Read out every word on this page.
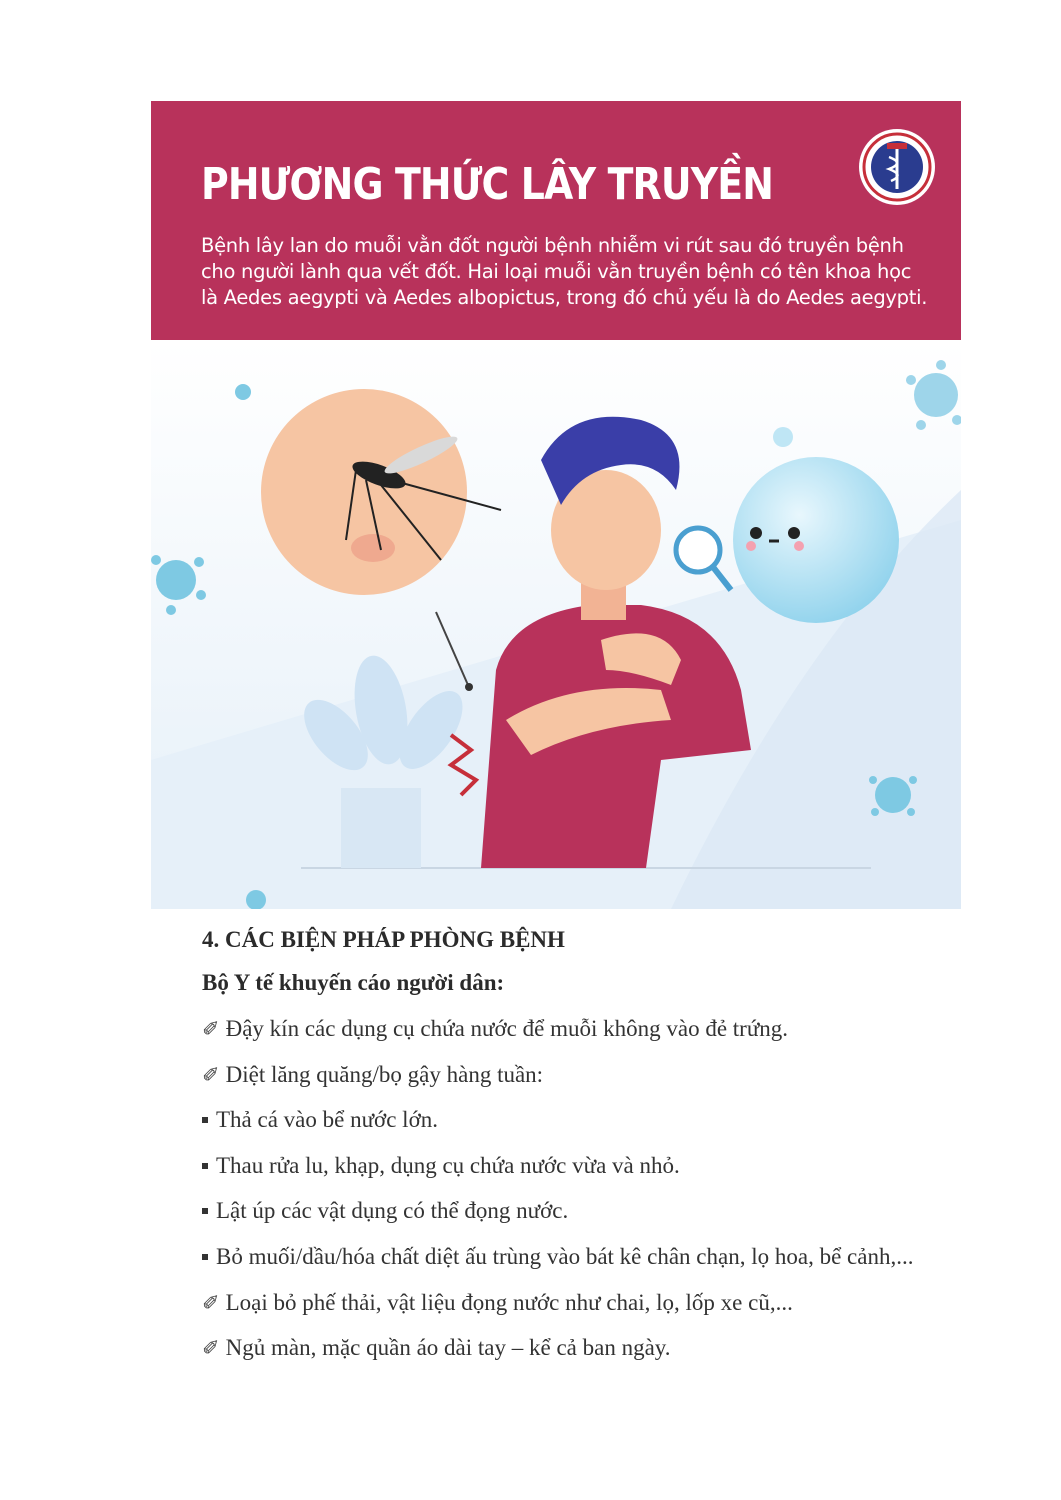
PHƯƠNG THỨC LÂY TRUYỀN

Bệnh lây lan do muỗi vằn đốt người bệnh nhiễm vi rút sau đó truyền bệnh cho người lành qua vết đốt. Hai loại muỗi vằn truyền bệnh có tên khoa học là Aedes aegypti và Aedes albopictus, trong đó chủ yếu là do Aedes aegypti.

4. CÁC BIỆN PHÁP PHÒNG BỆNH

Bộ Y tế khuyến cáo người dân:

✐ Đậy kín các dụng cụ chứa nước để muỗi không vào đẻ trứng.

✐ Diệt lăng quăng/bọ gậy hàng tuần:

Thả cá vào bể nước lớn.

Thau rửa lu, khạp, dụng cụ chứa nước vừa và nhỏ.

Lật úp các vật dụng có thể đọng nước.

Bỏ muối/dầu/hóa chất diệt ấu trùng vào bát kê chân chạn, lọ hoa, bể cảnh,...

✐ Loại bỏ phế thải, vật liệu đọng nước như chai, lọ, lốp xe cũ,...

✐ Ngủ màn, mặc quần áo dài tay – kể cả ban ngày.
